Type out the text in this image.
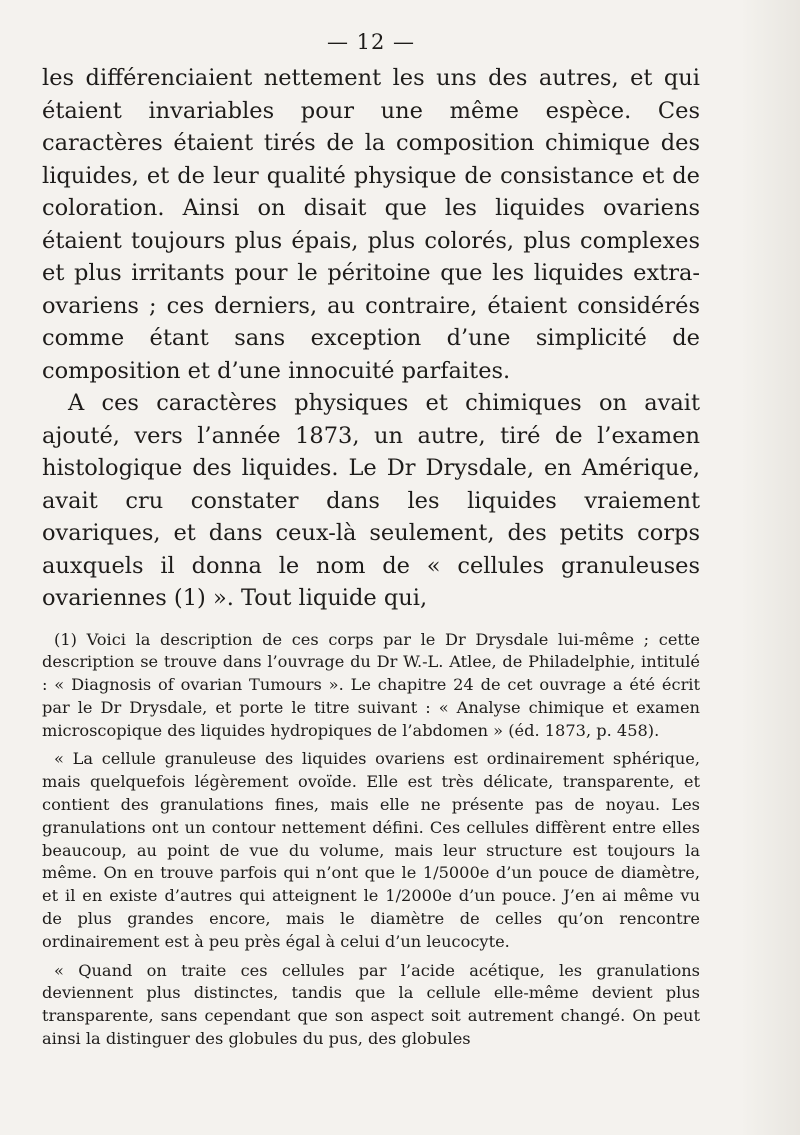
— 12 —

les différenciaient nettement les uns des autres, et qui étaient invariables pour une même espèce. Ces caractères étaient tirés de la composition chimique des liquides, et de leur qualité physique de consistance et de coloration. Ainsi on disait que les liquides ovariens étaient toujours plus épais, plus colorés, plus complexes et plus irritants pour le péritoine que les liquides extra-ovariens ; ces derniers, au contraire, étaient considérés comme étant sans exception d’une simplicité de composition et d’une innocuité parfaites.

A ces caractères physiques et chimiques on avait ajouté, vers l’année 1873, un autre, tiré de l’examen histologique des liquides. Le Dr Drysdale, en Amérique, avait cru constater dans les liquides vraiement ovariques, et dans ceux-là seulement, des petits corps auxquels il donna le nom de « cellules granuleuses ovariennes (1) ». Tout liquide qui,

(1) Voici la description de ces corps par le Dr Drysdale lui-même ; cette description se trouve dans l’ouvrage du Dr W.-L. Atlee, de Philadelphie, intitulé : « Diagnosis of ovarian Tumours ». Le chapitre 24 de cet ouvrage a été écrit par le Dr Drysdale, et porte le titre suivant : « Analyse chimique et examen microscopique des liquides hydropiques de l’abdomen » (éd. 1873, p. 458).

« La cellule granuleuse des liquides ovariens est ordinairement sphérique, mais quelquefois légèrement ovoïde. Elle est très délicate, transparente, et contient des granulations fines, mais elle ne présente pas de noyau. Les granulations ont un contour nettement défini. Ces cellules diffèrent entre elles beaucoup, au point de vue du volume, mais leur structure est toujours la même. On en trouve parfois qui n’ont que le 1/5000e d’un pouce de diamètre, et il en existe d’autres qui atteignent le 1/2000e d’un pouce. J’en ai même vu de plus grandes encore, mais le diamètre de celles qu’on rencontre ordinairement est à peu près égal à celui d’un leucocyte.

« Quand on traite ces cellules par l’acide acétique, les granulations deviennent plus distinctes, tandis que la cellule elle-même devient plus transparente, sans cependant que son aspect soit autrement changé. On peut ainsi la distinguer des globules du pus, des globules
